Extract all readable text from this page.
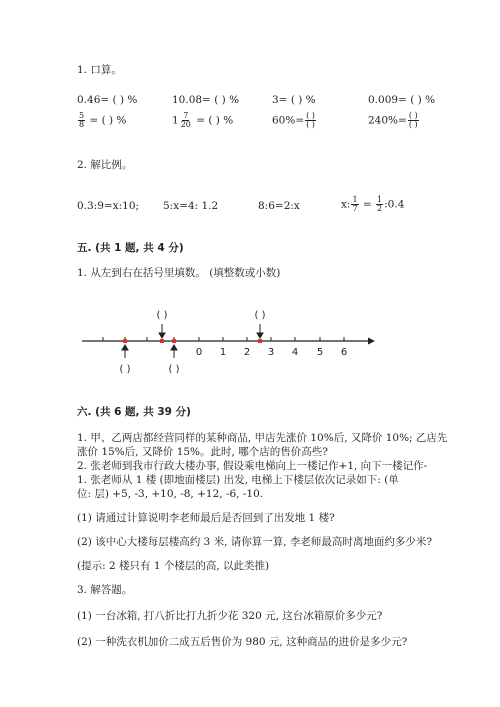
1. 口算。
0.46= ( ) %	10.08= ( ) %	3= ( ) %	0.009= ( ) %
$\frac{5}{8}$ = ( ) %	$1 \frac{7}{20}$ = ( ) %	$60\%= \frac{( )}{( )}$	$240\%= \frac{( )}{( )}$
2. 解比例。
0.3:9=x:10; 5:x=4: 1.2	8:6=2:x	x: $\frac{1}{7} = \frac{1}{2}$ :0.4
五. (共 1 题, 共 4 分)
1. 从左到右在括号里填数。 (填整数或小数)
0 1 2 3 4 5 6
( )	( )
( )	( )
六. (共 6 题, 共 39 分)
1. 甲、乙两店都经营同样的某种商品, 甲店先涨价 10%后, 又降价 10%; 乙店先
涨价 15%后, 又降价 15%。此时, 哪个店的售价高些?
2. 张老师到我市行政大楼办事, 假设乘电梯向上一楼记作+1, 向下一楼记作-
1. 张老师从 1 楼 (即地面楼层) 出发, 电梯上下楼层依次记录如下: (单
位: 层) +5, -3, +10, -8, +12, -6, -10.
(1) 请通过计算说明李老师最后是否回到了出发地 1 楼?
(2) 该中心大楼每层楼高约 3 米, 请你算一算, 李老师最高时离地面约多少米?
(提示: 2 楼只有 1 个楼层的高, 以此类推)
3. 解答题。
(1) 一台冰箱, 打八折比打九折少花 320 元, 这台冰箱原价多少元?
(2) 一种洗衣机加价二成五后售价为 980 元, 这种商品的进价是多少元?
